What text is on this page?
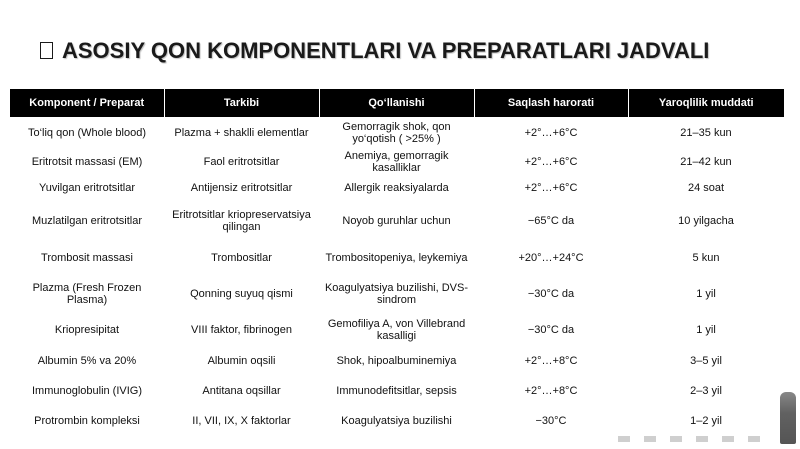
ASOSIY QON KOMPONENTLARI VA PREPARATLARI JADVALI
Komponent / Preparat	Tarkibi	Qo‘llanishi	Saqlash harorati	Yaroqlilik muddati
To‘liq qon (Whole blood)	Plazma + shaklli elementlar	Gemorragik shok, qon yo‘qotish ( >25% )	+2°…+6°C	21–35 kun
Eritrotsit massasi (EM)	Faol eritrotsitlar	Anemiya, gemorragik kasalliklar	+2°…+6°C	21–42 kun
Yuvilgan eritrotsitlar	Antijensiz eritrotsitlar	Allergik reaksiyalarda	+2°…+6°C	24 soat
Muzlatilgan eritrotsitlar	Eritrotsitlar kriopreservatsiya qilingan	Noyob guruhlar uchun	−65°C da	10 yilgacha
Trombosit massasi	Trombositlar	Trombositopeniya, leykemiya	+20°…+24°C	5 kun
Plazma (Fresh Frozen Plasma)	Qonning suyuq qismi	Koagulyatsiya buzilishi, DVS-sindrom	−30°C da	1 yil
Kriopresipitat	VIII faktor, fibrinogen	Gemofiliya A, von Villebrand kasalligi	−30°C da	1 yil
Albumin 5% va 20%	Albumin oqsili	Shok, hipoalbuminemiya	+2°…+8°C	3–5 yil
Immunoglobulin (IVIG)	Antitana oqsillar	Immunodefitsitlar, sepsis	+2°…+8°C	2–3 yil
Protrombin kompleksi	II, VII, IX, X faktorlar	Koagulyatsiya buzilishi	−30°C	1–2 yil
